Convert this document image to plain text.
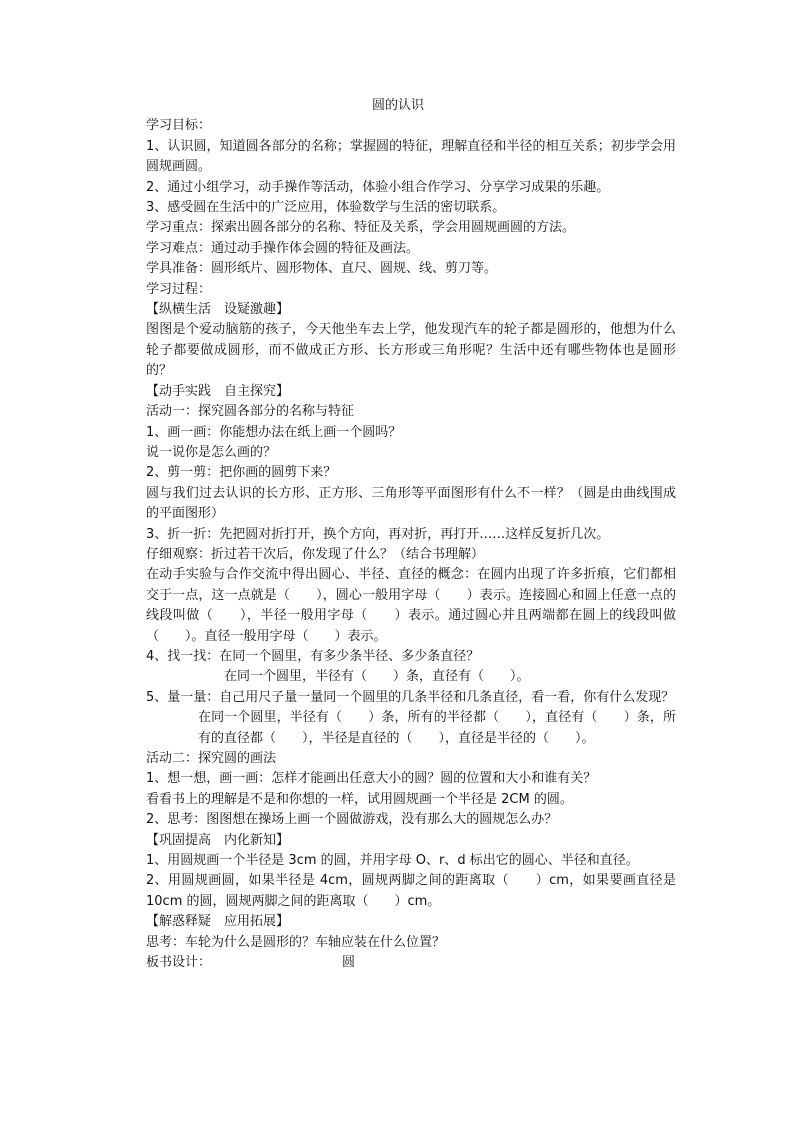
圆的认识

学习目标：

1、认识圆，知道圆各部分的名称；掌握圆的特征，理解直径和半径的相互关系；初步学会用圆规画圆。

2、通过小组学习，动手操作等活动，体验小组合作学习、分享学习成果的乐趣。

3、感受圆在生活中的广泛应用，体验数学与生活的密切联系。

学习重点：探索出圆各部分的名称、特征及关系，学会用圆规画圆的方法。

学习难点：通过动手操作体会圆的特征及画法。

学具准备：圆形纸片、圆形物体、直尺、圆规、线、剪刀等。

学习过程：

【纵横生活　设疑激趣】

图图是个爱动脑筋的孩子，今天他坐车去上学，他发现汽车的轮子都是圆形的，他想为什么轮子都要做成圆形，而不做成正方形、长方形或三角形呢？生活中还有哪些物体也是圆形的？

【动手实践　自主探究】

活动一：探究圆各部分的名称与特征

1、画一画：你能想办法在纸上画一个圆吗？

说一说你是怎么画的？

2、剪一剪：把你画的圆剪下来？

圆与我们过去认识的长方形、正方形、三角形等平面图形有什么不一样？（圆是由曲线围成的平面图形）

3、折一折：先把圆对折打开，换个方向，再对折，再打开……这样反复折几次。

仔细观察：折过若干次后，你发现了什么？（结合书理解）

在动手实验与合作交流中得出圆心、半径、直径的概念：在圆内出现了许多折痕，它们都相交于一点，这一点就是（　　），圆心一般用字母（　　）表示。连接圆心和圆上任意一点的线段叫做（　　），半径一般用字母（　　）表示。通过圆心并且两端都在圆上的线段叫做（　　）。直径一般用字母（　　）表示。

4、找一找：在同一个圆里，有多少条半径、多少条直径？

在同一个圆里，半径有（　　）条，直径有（　　）。

5、量一量：自己用尺子量一量同一个圆里的几条半径和几条直径，看一看，你有什么发现？

在同一个圆里，半径有（　　）条，所有的半径都（　　），直径有（　　）条，所有的直径都（　　），半径是直径的（　　），直径是半径的（　　）。

活动二：探究圆的画法

1、想一想，画一画：怎样才能画出任意大小的圆？圆的位置和大小和谁有关？

看看书上的理解是不是和你想的一样，试用圆规画一个半径是 2CM 的圆。

2、思考：图图想在操场上画一个圆做游戏，没有那么大的圆规怎么办？

【巩固提高　内化新知】

1、用圆规画一个半径是 3cm 的圆，并用字母 O、r、d 标出它的圆心、半径和直径。

2、用圆规画圆，如果半径是 4cm，圆规两脚之间的距离取（　　）cm，如果要画直径是 10cm 的圆，圆规两脚之间的距离取（　　）cm。

【解惑释疑　应用拓展】

思考：车轮为什么是圆形的？车轴应装在什么位置？

板书设计：	圆
